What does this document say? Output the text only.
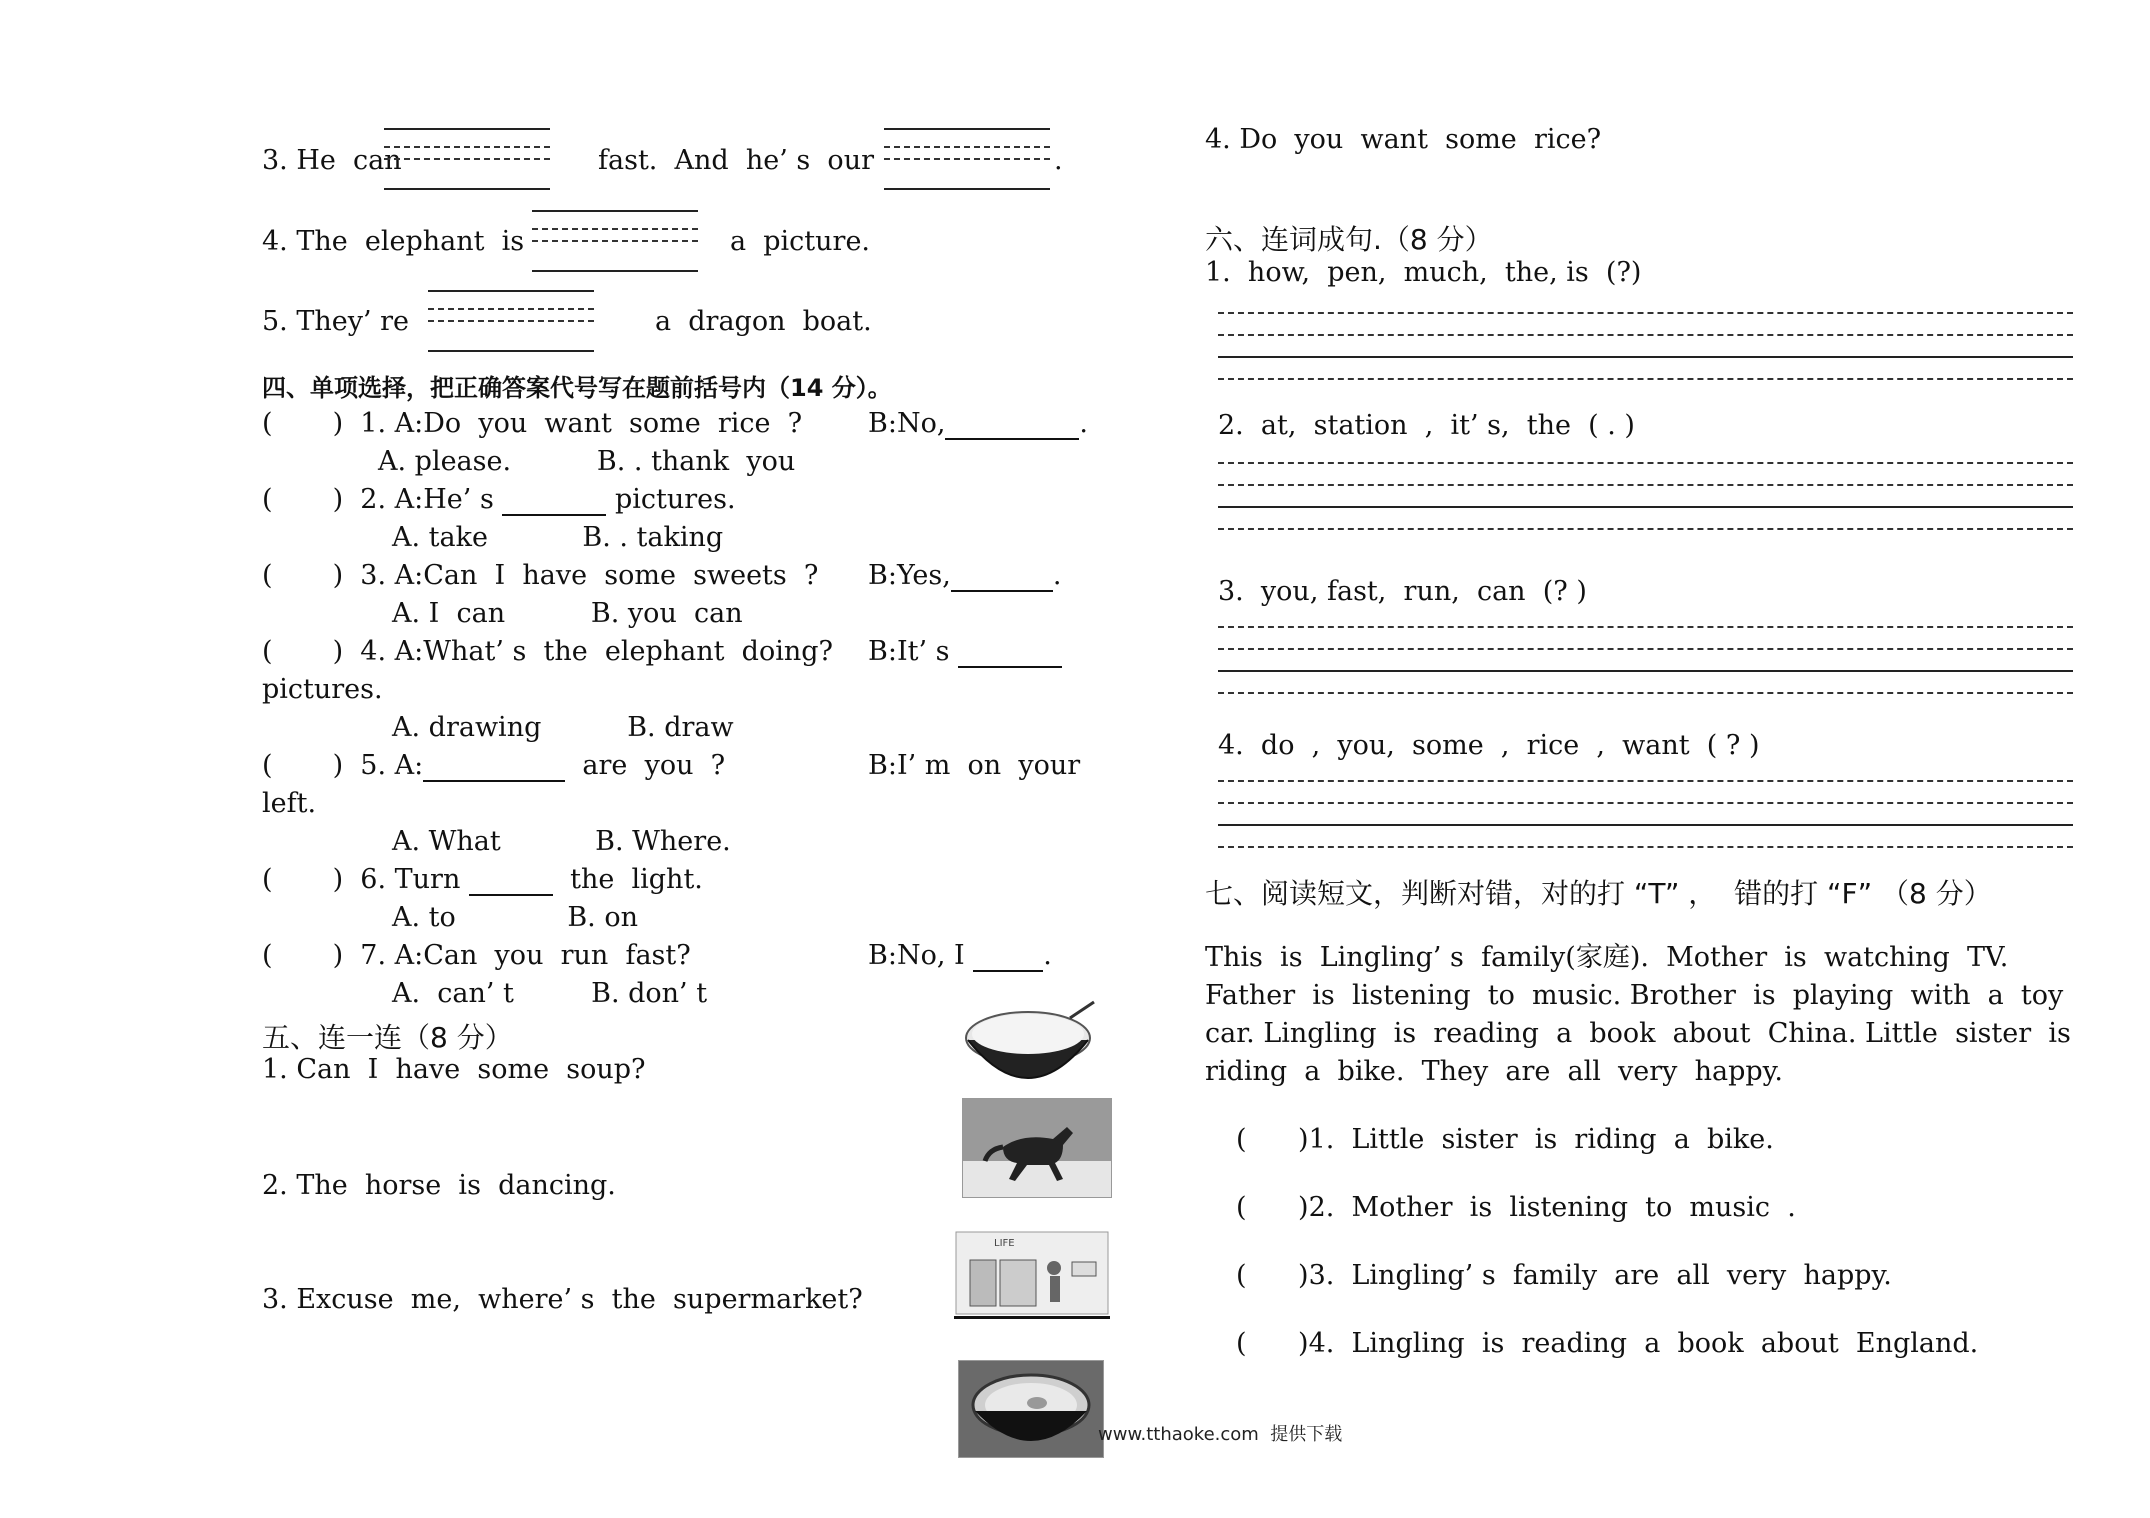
3. He  can	fast.  And  he’ s  our	.
4. The  elephant  is	a  picture.
5. They’ re	a  dragon  boat.
四、单项选择，把正确答案代号写在题前括号内（14 分）。
(       )  1. A:Do  you  want  some  rice  ? B:No,	.
A. please.          B. . thank  you
(       )  2. A:He’ s	pictures.
A. take           B. . taking
(       )  3. A:Can  I  have  some  sweets  ? B:Yes,	.
A. I  can          B. you  can
(       )  4. A:What’ s  the  elephant  doing? B:It’ s
pictures.
A. drawing          B. draw
(       )  5. A:	are  you  ?	B:I’ m  on  your
left.
A. What           B. Where.
(       )  6. Turn	the  light.
A. to             B. on
(       )  7. A:Can  you  run  fast?	B:No, I	.
A.  can’ t         B. don’ t
五、连一连（8 分）
1. Can  I  have  some  soup?
2. The  horse  is  dancing.
3. Excuse  me,  where’ s  the  supermarket?
LIFE
www.tthaoke.com  提供下载
4. Do  you  want  some  rice?
六、连词成句.（8 分）
1.  how,  pen,  much,  the, is  (?)
2.  at,  station  ,  it’ s,  the  ( . )
3.  you, fast,  run,  can  (? )
4.  do  ,  you,  some  ,  rice  ,  want  ( ? )
七、阅读短文，判断对错，对的打 “T” ，  错的打 “F” （8 分）
This  is  Lingling’ s  family(家庭).  Mother  is  watching  TV.
Father  is  listening  to  music. Brother  is  playing  with  a  toy
car. Lingling  is  reading  a  book  about  China. Little  sister  is
riding  a  bike.  They  are  all  very  happy.
(      )1.  Little  sister  is  riding  a  bike.
(      )2.  Mother  is  listening  to  music  .
(      )3.  Lingling’ s  family  are  all  very  happy.
(      )4.  Lingling  is  reading  a  book  about  England.
